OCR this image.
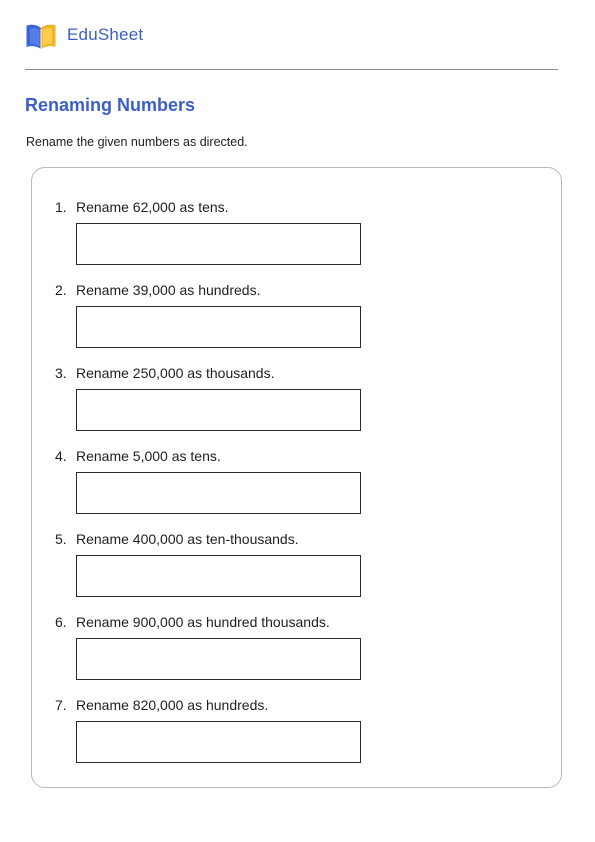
EduSheet
Renaming Numbers

Rename the given numbers as directed.

1. Rename 62,000 as tens.
2. Rename 39,000 as hundreds.
3. Rename 250,000 as thousands.
4. Rename 5,000 as tens.
5. Rename 400,000 as ten-thousands.
6. Rename 900,000 as hundred thousands.
7. Rename 820,000 as hundreds.
